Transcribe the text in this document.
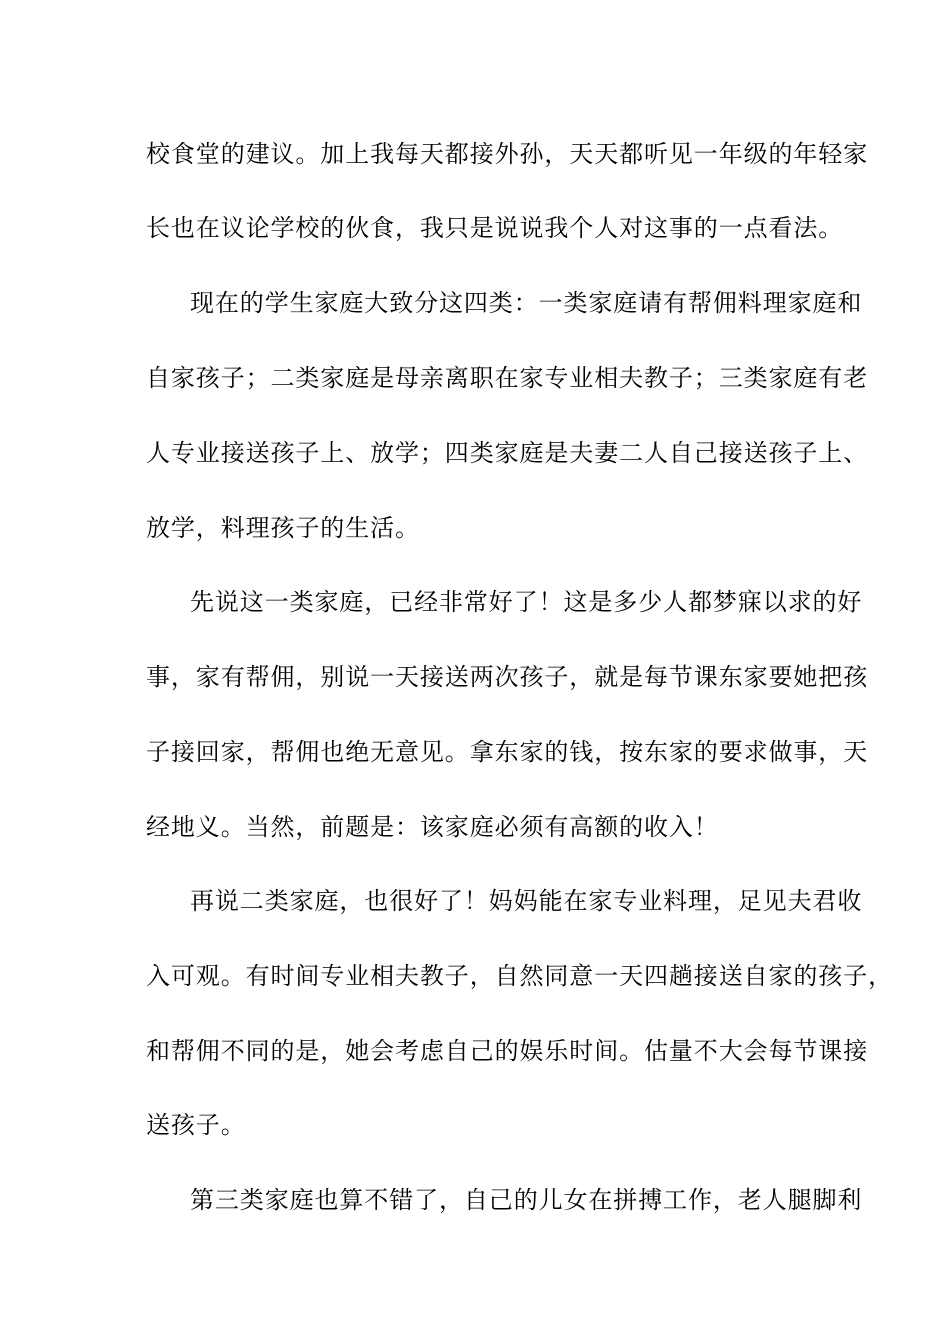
校食堂的建议。加上我每天都接外孙，天天都听见一年级的年轻家
长也在议论学校的伙食，我只是说说我个人对这事的一点看法。
现在的学生家庭大致分这四类：一类家庭请有帮佣料理家庭和
自家孩子；二类家庭是母亲离职在家专业相夫教子；三类家庭有老
人专业接送孩子上、放学；四类家庭是夫妻二人自己接送孩子上、
放学，料理孩子的生活。
先说这一类家庭，已经非常好了！这是多少人都梦寐以求的好
事，家有帮佣，别说一天接送两次孩子，就是每节课东家要她把孩
子接回家，帮佣也绝无意见。拿东家的钱，按东家的要求做事，天
经地义。当然，前题是：该家庭必须有高额的收入！
再说二类家庭，也很好了！妈妈能在家专业料理，足见夫君收
入可观。有时间专业相夫教子，自然同意一天四趟接送自家的孩子，
和帮佣不同的是，她会考虑自己的娱乐时间。估量不大会每节课接
送孩子。
第三类家庭也算不错了，自己的儿女在拼搏工作，老人腿脚利
